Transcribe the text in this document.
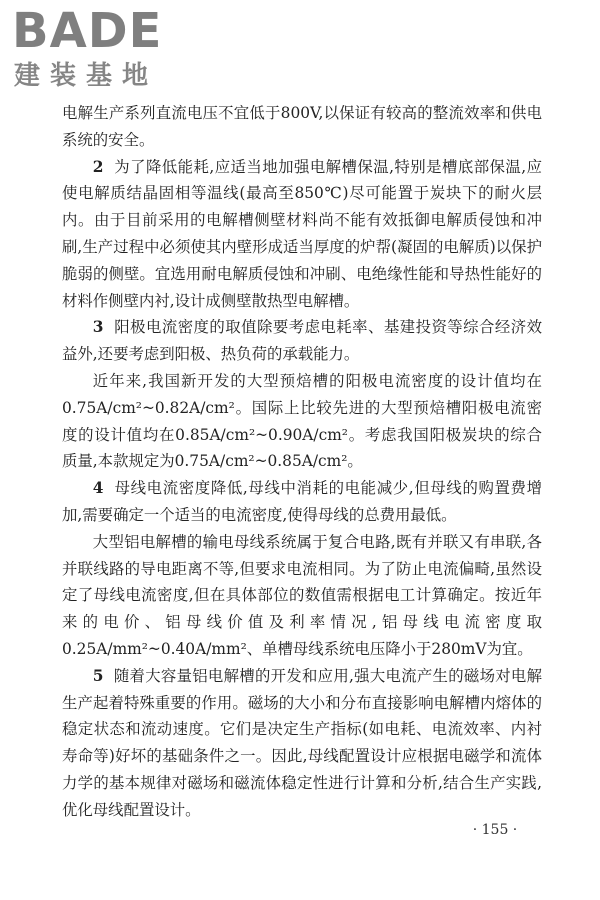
BADE
建装基地

电解生产系列直流电压不宜低于800V,以保证有较高的整流效率和供电系统的安全。

2 为了降低能耗,应适当地加强电解槽保温,特别是槽底部保温,应使电解质结晶固相等温线(最高至850℃)尽可能置于炭块下的耐火层内。由于目前采用的电解槽侧壁材料尚不能有效抵御电解质侵蚀和冲刷,生产过程中必须使其内壁形成适当厚度的炉帮(凝固的电解质)以保护脆弱的侧壁。宜选用耐电解质侵蚀和冲刷、电绝缘性能和导热性能好的材料作侧壁内衬,设计成侧壁散热型电解槽。

3 阳极电流密度的取值除要考虑电耗率、基建投资等综合经济效益外,还要考虑到阳极、热负荷的承载能力。

近年来,我国新开发的大型预焙槽的阳极电流密度的设计值均在0.75A/cm²~0.82A/cm²。国际上比较先进的大型预焙槽阳极电流密度的设计值均在0.85A/cm²~0.90A/cm²。考虑我国阳极炭块的综合质量,本款规定为0.75A/cm²~0.85A/cm²。

4 母线电流密度降低,母线中消耗的电能减少,但母线的购置费增加,需要确定一个适当的电流密度,使得母线的总费用最低。

大型铝电解槽的输电母线系统属于复合电路,既有并联又有串联,各并联线路的导电距离不等,但要求电流相同。为了防止电流偏畸,虽然设定了母线电流密度,但在具体部位的数值需根据电工计算确定。按近年来的电价、铝母线价值及利率情况,铝母线电流密度取0.25A/mm²~0.40A/mm²、单槽母线系统电压降小于280mV为宜。

5 随着大容量铝电解槽的开发和应用,强大电流产生的磁场对电解生产起着特殊重要的作用。磁场的大小和分布直接影响电解槽内熔体的稳定状态和流动速度。它们是决定生产指标(如电耗、电流效率、内衬寿命等)好坏的基础条件之一。因此,母线配置设计应根据电磁学和流体力学的基本规律对磁场和磁流体稳定性进行计算和分析,结合生产实践,优化母线配置设计。

· 155 ·
